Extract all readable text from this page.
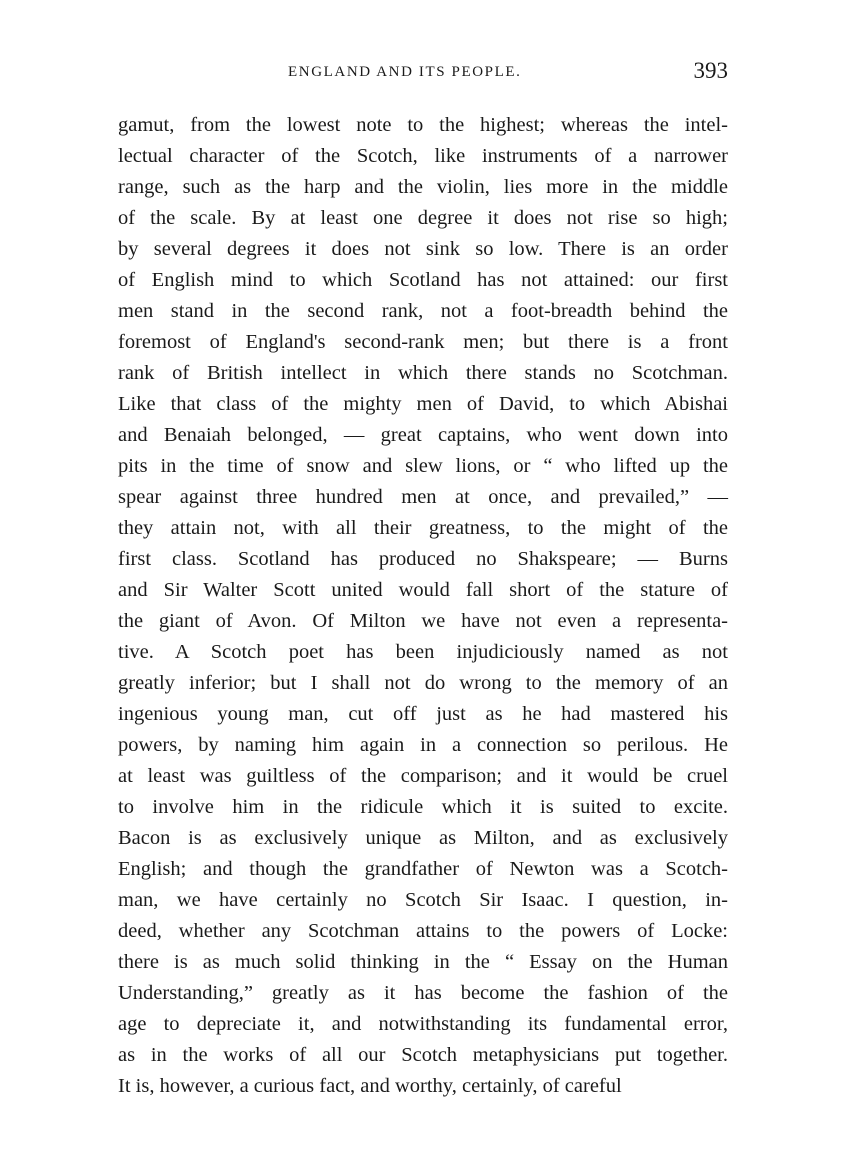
ENGLAND AND ITS PEOPLE.	393
gamut, from the lowest note to the highest; whereas the intel-
lectual character of the Scotch, like instruments of a narrower
range, such as the harp and the violin, lies more in the middle
of the scale. By at least one degree it does not rise so high;
by several degrees it does not sink so low. There is an order
of English mind to which Scotland has not attained: our first
men stand in the second rank, not a foot-breadth behind the
foremost of England's second-rank men; but there is a front
rank of British intellect in which there stands no Scotchman.
Like that class of the mighty men of David, to which Abishai
and Benaiah belonged, — great captains, who went down into
pits in the time of snow and slew lions, or “ who lifted up the
spear against three hundred men at once, and prevailed,” —
they attain not, with all their greatness, to the might of the
first class. Scotland has produced no Shakspeare; — Burns
and Sir Walter Scott united would fall short of the stature of
the giant of Avon. Of Milton we have not even a representa-
tive. A Scotch poet has been injudiciously named as not
greatly inferior; but I shall not do wrong to the memory of an
ingenious young man, cut off just as he had mastered his
powers, by naming him again in a connection so perilous. He
at least was guiltless of the comparison; and it would be cruel
to involve him in the ridicule which it is suited to excite.
Bacon is as exclusively unique as Milton, and as exclusively
English; and though the grandfather of Newton was a Scotch-
man, we have certainly no Scotch Sir Isaac. I question, in-
deed, whether any Scotchman attains to the powers of Locke:
there is as much solid thinking in the “ Essay on the Human
Understanding,” greatly as it has become the fashion of the
age to depreciate it, and notwithstanding its fundamental error,
as in the works of all our Scotch metaphysicians put together.
It is, however, a curious fact, and worthy, certainly, of careful
